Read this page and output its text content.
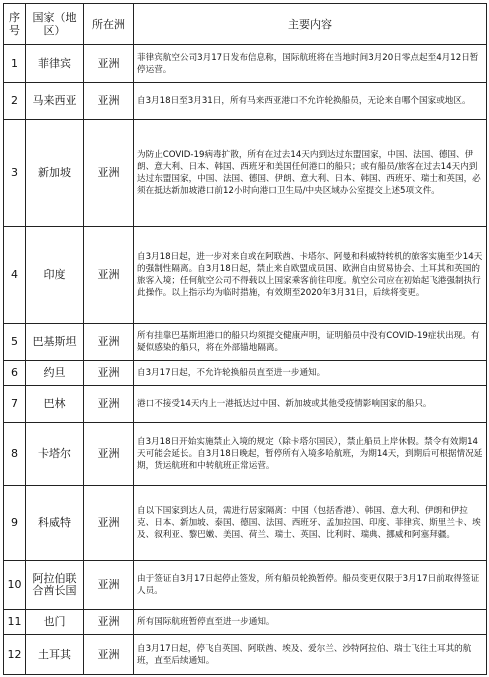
序号	国家（地区）	所在洲	主要内容
1	菲律宾	亚洲	菲律宾航空公司3月17日发布信息称，国际航班将在当地时间3月20日零点起至4月12日暂停运营。
2	马来西亚	亚洲	自3月18日至3月31日，所有马来西亚港口不允许轮换船员，无论来自哪个国家或地区。
3	新加坡	亚洲	为防止COVID-19病毒扩散，所有在过去14天内到达过东盟国家，中国、法国、德国、伊朗、意大利、日本、韩国、西班牙和美国任何港口的船只；或有船员/旅客在过去14天内到达过东盟国家，中国、法国、德国、伊朗、意大利、日本、韩国、西班牙、瑞士和英国，必须在抵达新加坡港口前12小时向港口卫生局/中央区域办公室提交上述5项文件。
4	印度	亚洲	自3月18日起，进一步对来自或在阿联酋、卡塔尔、阿曼和科威特转机的旅客实施至少14天的强制性隔离。自3月18日起，禁止来自欧盟成员国、欧洲自由贸易协会、土耳其和英国的旅客入境；任何航空公司不得载以上国家乘客前往印度。航空公司应在初始起飞港强制执行此操作。以上指示均为临时措施，有效期至2020年3月31日，后续将变更。
5	巴基斯坦	亚洲	所有挂靠巴基斯坦港口的船只均须提交健康声明，证明船员中没有COVID-19症状出现。有疑似感染的船只，将在外部锚地隔离。
6	约旦	亚洲	自3月17日起，不允许轮换船员直至进一步通知。
7	巴林	亚洲	港口不接受14天内上一港抵达过中国、新加坡或其他受疫情影响国家的船只。
8	卡塔尔	亚洲	自3月18日开始实施禁止入境的规定（除卡塔尔国民），禁止船员上岸休假。禁令有效期14天可能会延长。自3月18日晚起，暂停所有入境多哈航班，为期14天，到期后可根据情况延期，货运航班和中转航班正常运营。
9	科威特	亚洲	自以下国家到达人员，需进行居家隔离：中国（包括香港）、韩国、意大利、伊朗和伊拉克、日本、新加坡、泰国、德国、法国、西班牙、孟加拉国、印度、菲律宾、斯里兰卡、埃及、叙利亚、黎巴嫩、美国、荷兰、瑞士、英国、比利时、瑞典、挪威和阿塞拜疆。
10	阿拉伯联合酋长国	亚洲	由于签证自3月17日起停止签发，所有船员轮换暂停。船员变更仅限于3月17日前取得签证人员。
11	也门	亚洲	所有国际航班暂停直至进一步通知。
12	土耳其	亚洲	自3月17日起，停飞自英国、阿联酋、埃及、爱尔兰、沙特阿拉伯、瑞士飞往土耳其的航班，直至后续通知。
